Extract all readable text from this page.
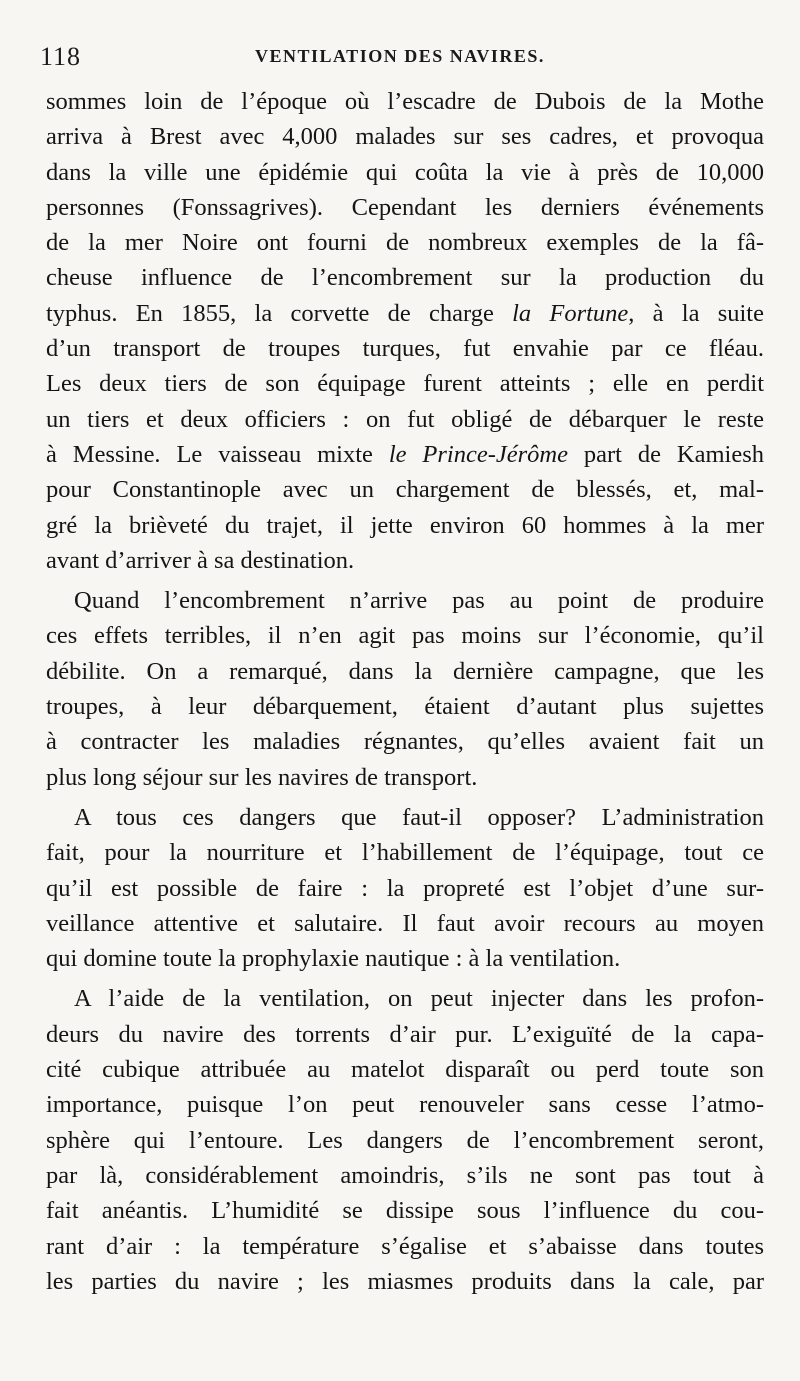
118	VENTILATION DES NAVIRES.
sommes loin de l’époque où l’escadre de Dubois de la Mothe
arriva à Brest avec 4,000 malades sur ses cadres, et provoqua
dans la ville une épidémie qui coûta la vie à près de 10,000
personnes (Fonssagrives). Cependant les derniers événements
de la mer Noire ont fourni de nombreux exemples de la fâ-
cheuse influence de l’encombrement sur la production du
typhus. En 1855, la corvette de charge la Fortune, à la suite
d’un transport de troupes turques, fut envahie par ce fléau.
Les deux tiers de son équipage furent atteints ; elle en perdit
un tiers et deux officiers : on fut obligé de débarquer le reste
à Messine. Le vaisseau mixte le Prince-Jérôme part de Kamiesh
pour Constantinople avec un chargement de blessés, et, mal-
gré la brièveté du trajet, il jette environ 60 hommes à la mer
avant d’arriver à sa destination.
Quand l’encombrement n’arrive pas au point de produire
ces effets terribles, il n’en agit pas moins sur l’économie, qu’il
débilite. On a remarqué, dans la dernière campagne, que les
troupes, à leur débarquement, étaient d’autant plus sujettes
à contracter les maladies régnantes, qu’elles avaient fait un
plus long séjour sur les navires de transport.
A tous ces dangers que faut-il opposer? L’administration
fait, pour la nourriture et l’habillement de l’équipage, tout ce
qu’il est possible de faire : la propreté est l’objet d’une sur-
veillance attentive et salutaire. Il faut avoir recours au moyen
qui domine toute la prophylaxie nautique : à la ventilation.
A l’aide de la ventilation, on peut injecter dans les profon-
deurs du navire des torrents d’air pur. L’exiguïté de la capa-
cité cubique attribuée au matelot disparaît ou perd toute son
importance, puisque l’on peut renouveler sans cesse l’atmo-
sphère qui l’entoure. Les dangers de l’encombrement seront,
par là, considérablement amoindris, s’ils ne sont pas tout à
fait anéantis. L’humidité se dissipe sous l’influence du cou-
rant d’air : la température s’égalise et s’abaisse dans toutes
les parties du navire ; les miasmes produits dans la cale, par
